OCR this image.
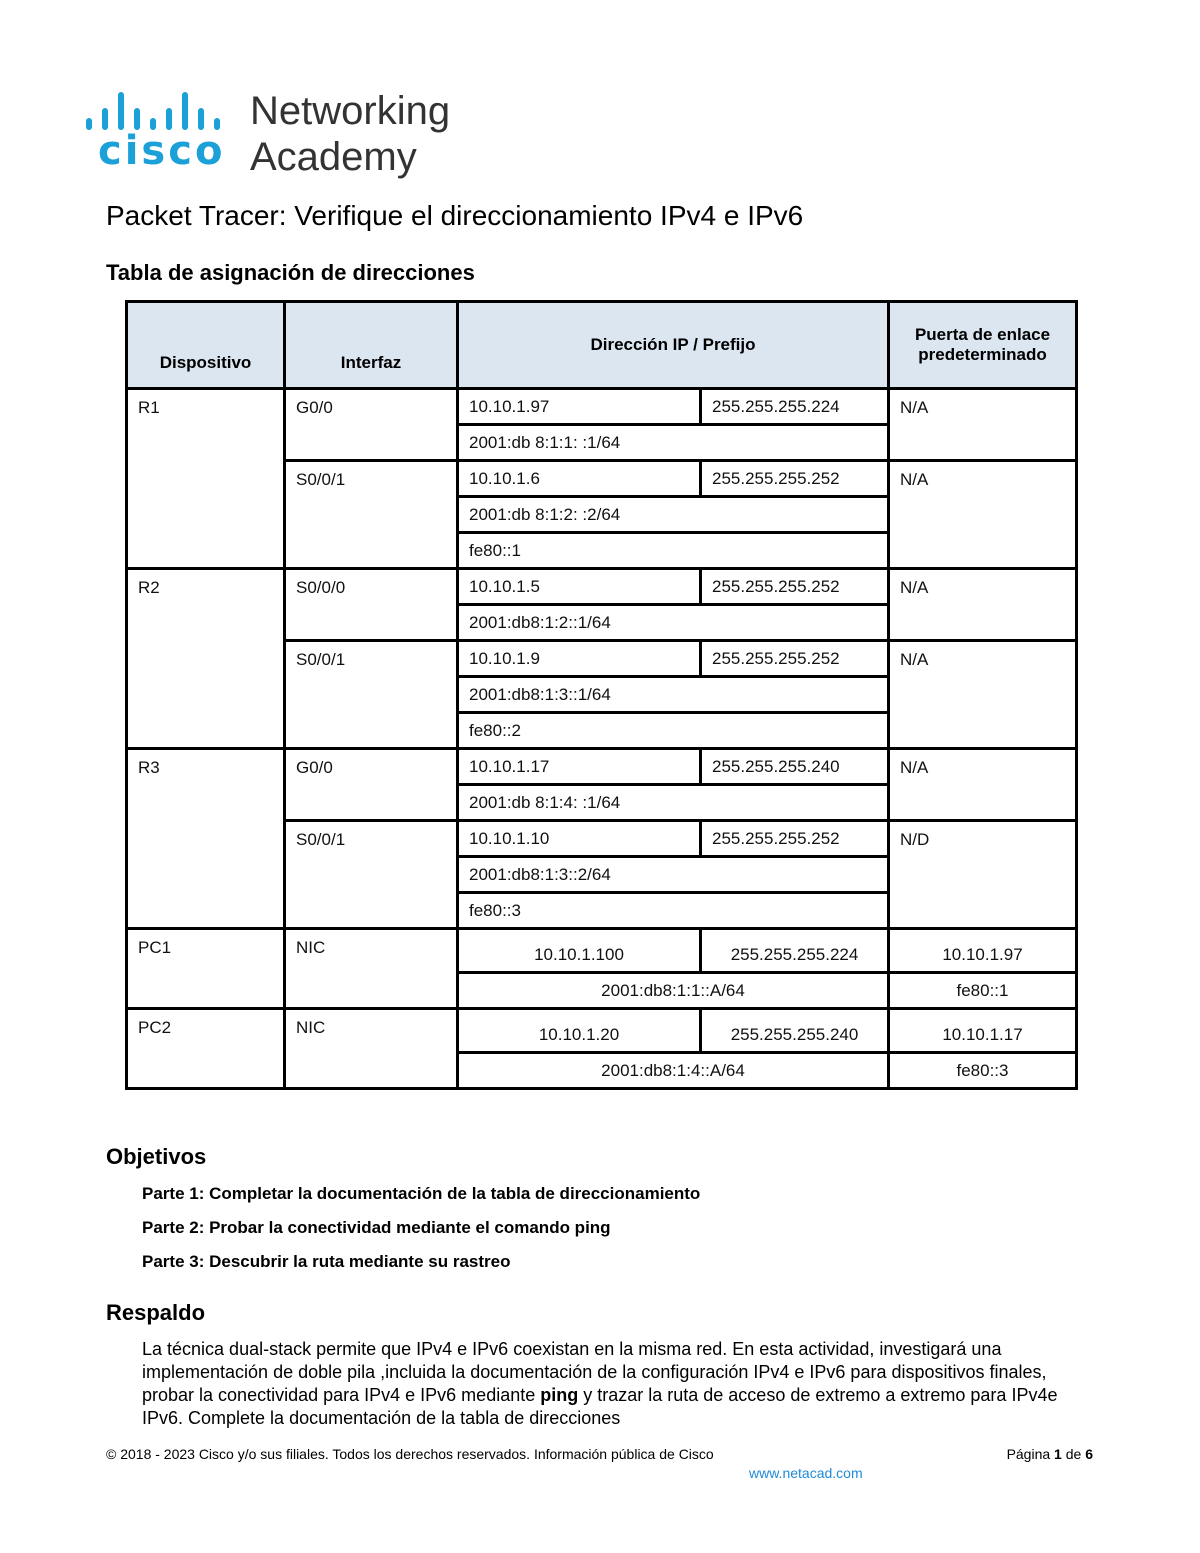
cisco
Networking
Academy
Packet Tracer: Verifique el direccionamiento IPv4 e IPv6
Tabla de asignación de direcciones
Dispositivo	Interfaz	Dirección IP / Prefijo		Puerta de enlace predeterminado
R1	G0/0	10.10.1.97	255.255.255.224	N/A
		2001:db 8:1:1: :1/64		
	S0/0/1	10.10.1.6	255.255.255.252	N/A
		2001:db 8:1:2: :2/64		
		fe80::1		
R2	S0/0/0	10.10.1.5	255.255.255.252	N/A
		2001:db8:1:2::1/64		
	S0/0/1	10.10.1.9	255.255.255.252	N/A
		2001:db8:1:3::1/64		
		fe80::2		
R3	G0/0	10.10.1.17	255.255.255.240	N/A
		2001:db 8:1:4: :1/64		
	S0/0/1	10.10.1.10	255.255.255.252	N/D
		2001:db8:1:3::2/64		
		fe80::3		
PC1	NIC	10.10.1.100	255.255.255.224	10.10.1.97
		2001:db8:1:1::A/64		fe80::1
PC2	NIC	10.10.1.20	255.255.255.240	10.10.1.17
		2001:db8:1:4::A/64		fe80::3
Objetivos
Parte 1: Completar la documentación de la tabla de direccionamiento
Parte 2: Probar la conectividad mediante el comando ping
Parte 3: Descubrir la ruta mediante su rastreo
Respaldo
La técnica dual-stack permite que IPv4 e IPv6 coexistan en la misma red. En esta actividad, investigará una implementación de doble pila ,incluida la documentación de la configuración IPv4 e IPv6 para dispositivos finales, probar la conectividad para IPv4 e IPv6 mediante ping y trazar la ruta de acceso de extremo a extremo para IPv4e IPv6. Complete la documentación de la tabla de direcciones
© 2018 - 2023 Cisco y/o sus filiales. Todos los derechos reservados. Información pública de Cisco	Página 1 de 6
www.netacad.com
